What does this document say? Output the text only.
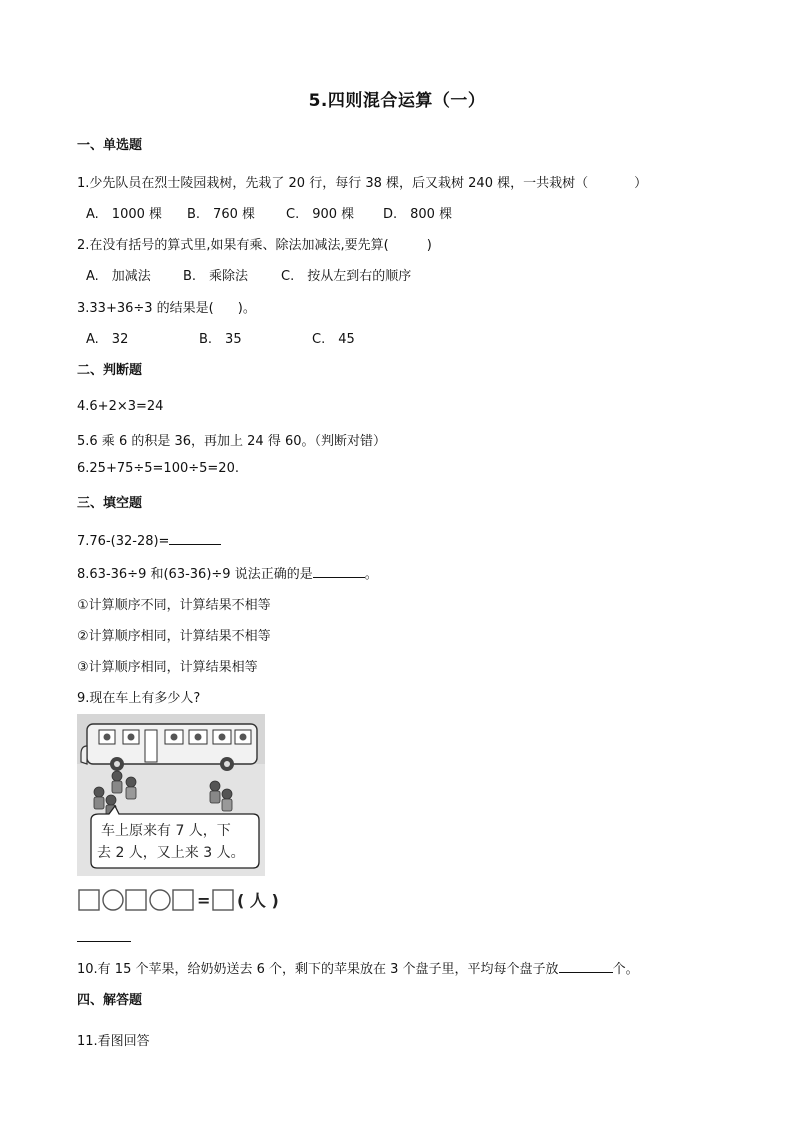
5.四则混合运算（一）
一、单选题
1.少先队员在烈士陵园栽树，先栽了 20 行，每行 38 棵，后又栽树 240 棵，一共栽树（	）
A.　1000 棵 B.　760 棵 C.　900 棵 D.　800 棵
2.在没有括号的算式里,如果有乘、除法加减法,要先算(	)
A.　加减法 B.　乘除法	C.　按从左到右的顺序
3.33+36÷3 的结果是( )。
A.　32	B.　35	C.　45
二、判断题
4.6+2×3=24
5.6 乘 6 的积是 36，再加上 24 得 60。（判断对错）
6.25+75÷5=100÷5=20.
三、填空题
7.76-(32-28)=
8.63-36÷9 和(63-36)÷9 说法正确的是	。
①计算顺序不同，计算结果不相等
②计算顺序相同，计算结果不相等
③计算顺序相同，计算结果相等
9.现在车上有多少人?
车上原来有 7 人，下
去 2 人，又上来 3 人。
= ( 人 )
10.有 15 个苹果，给奶奶送去 6 个，剩下的苹果放在 3 个盘子里，平均每个盘子放	个。
四、解答题
11.看图回答
